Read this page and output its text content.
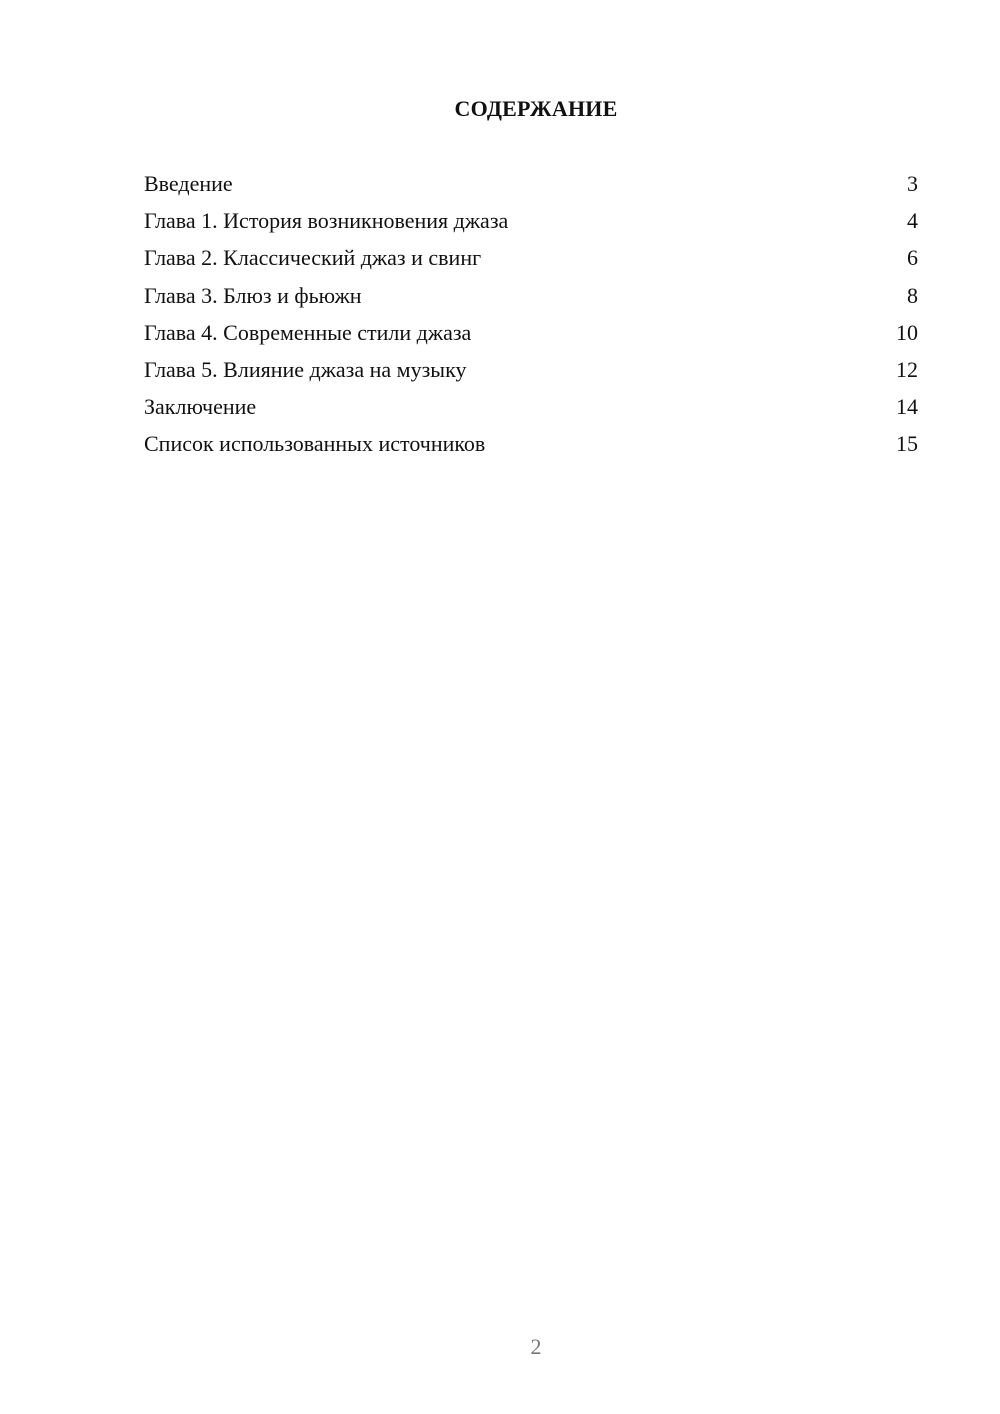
СОДЕРЖАНИЕ
Введение	3
Глава 1. История возникновения джаза	4
Глава 2. Классический джаз и свинг	6
Глава 3. Блюз и фьюжн	8
Глава 4. Современные стили джаза	10
Глава 5. Влияние джаза на музыку	12
Заключение	14
Список использованных источников	15
2
